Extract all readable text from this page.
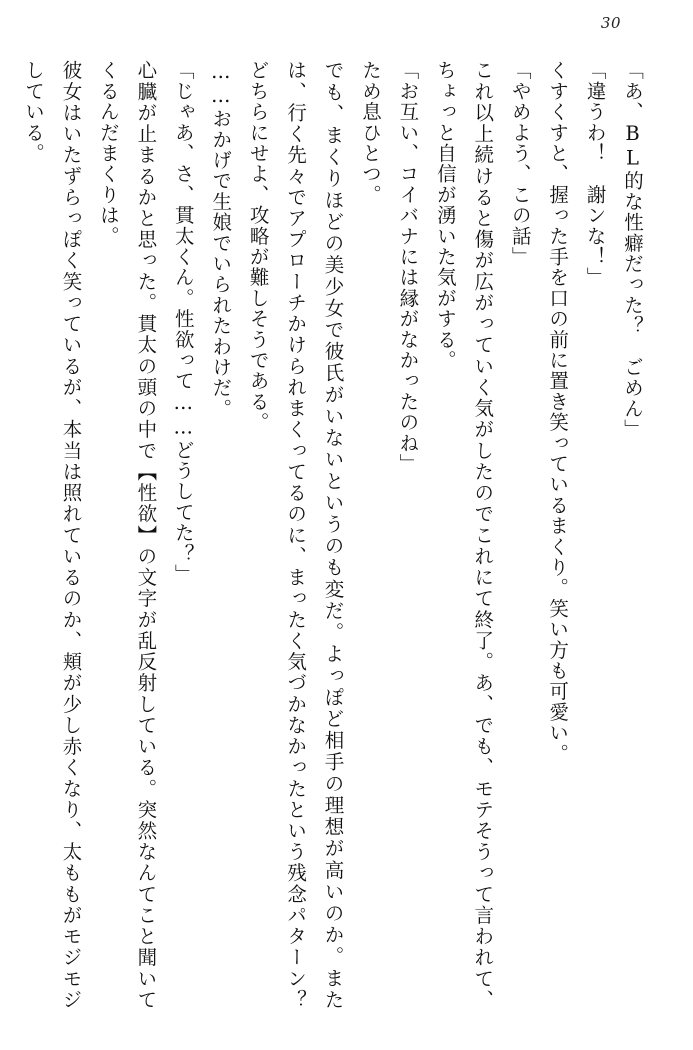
30

「あ、BL的な性癖だった？　ごめん」

「違うわ！　謝ンな！」

くすくすと、握った手を口の前に置き笑っているまくり。笑い方も可愛い。

「やめよう、この話」

これ以上続けると傷が広がっていく気がしたのでこれにて終了。あ、でも、モテそうって言われて、ちょっと自信が湧いた気がする。

「お互い、コイバナには縁がなかったのね」

ため息ひとつ。

でも、まくりほどの美少女で彼氏がいないというのも変だ。よっぽど相手の理想が高いのか。または、行く先々でアプローチかけられまくってるのに、まったく気づかなかったという残念パターン？　どちらにせよ、攻略が難しそうである。

……おかげで生娘でいられたわけだ。

「じゃあ、さ、貫太くん。性欲って……どうしてた？」

心臓が止まるかと思った。貫太の頭の中で【性欲】の文字が乱反射している。突然なんてこと聞いてくるんだまくりは。

彼女はいたずらっぽく笑っているが、本当は照れているのか、頬が少し赤くなり、太ももがモジモジしている。
